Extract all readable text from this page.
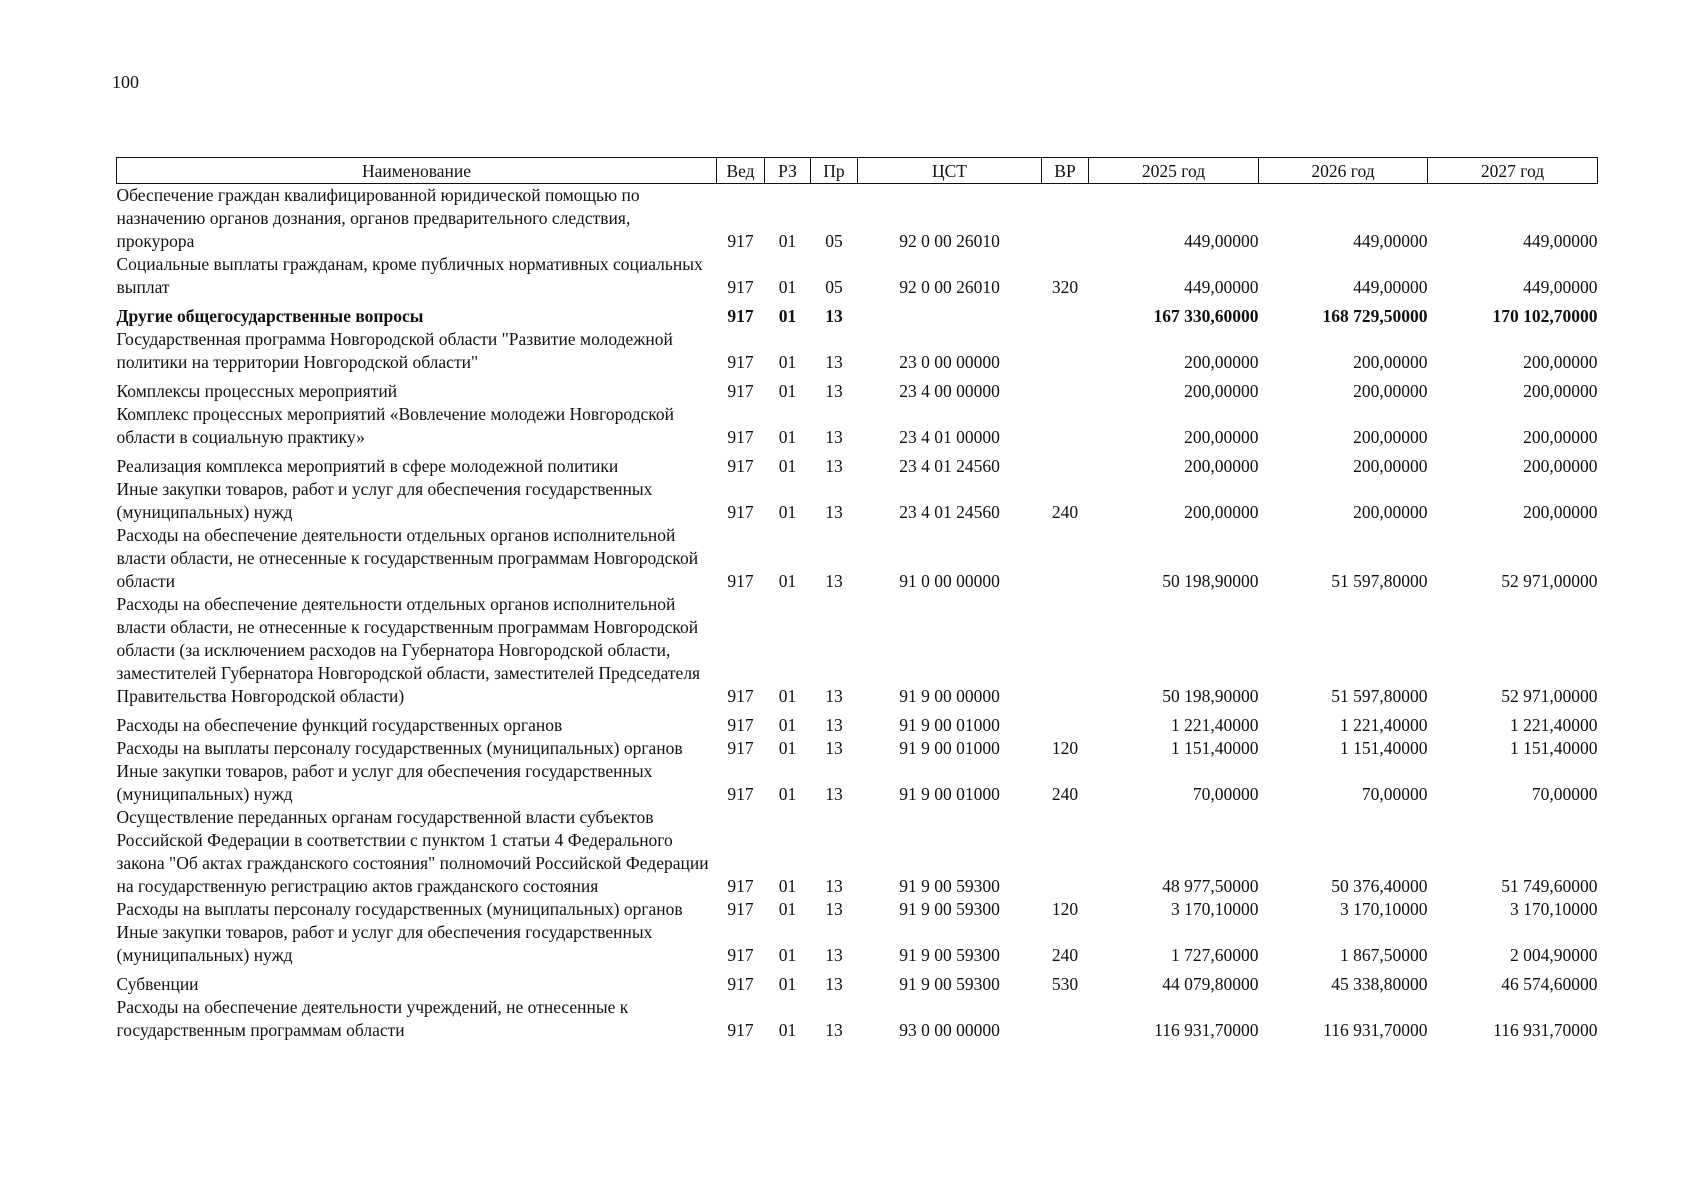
100
Наименование	Вед	РЗ	Пр	ЦСТ	ВР	2025 год	2026 год	2027 год
Обеспечение граждан квалифицированной юридической помощью по назначению органов дознания, органов предварительного следствия, прокурора	917	01	05	92 0 00 26010		449,00000	449,00000	449,00000
Социальные выплаты гражданам, кроме публичных нормативных социальных выплат	917	01	05	92 0 00 26010	320	449,00000	449,00000	449,00000
Другие общегосударственные вопросы	917	01	13			167 330,60000	168 729,50000	170 102,70000
Государственная программа Новгородской области "Развитие молодежной политики на территории Новгородской области"	917	01	13	23 0 00 00000		200,00000	200,00000	200,00000
Комплексы процессных мероприятий	917	01	13	23 4 00 00000		200,00000	200,00000	200,00000
Комплекс процессных мероприятий «Вовлечение молодежи Новгородской области в социальную практику»	917	01	13	23 4 01 00000		200,00000	200,00000	200,00000
Реализация комплекса мероприятий в сфере молодежной политики	917	01	13	23 4 01 24560		200,00000	200,00000	200,00000
Иные закупки товаров, работ и услуг для обеспечения государственных (муниципальных) нужд	917	01	13	23 4 01 24560	240	200,00000	200,00000	200,00000
Расходы на обеспечение деятельности отдельных органов исполнительной власти области, не отнесенные к государственным программам Новгородской области	917	01	13	91 0 00 00000		50 198,90000	51 597,80000	52 971,00000
Расходы на обеспечение деятельности отдельных органов исполнительной власти области, не отнесенные к государственным программам Новгородской области (за исключением расходов на Губернатора Новгородской области, заместителей Губернатора Новгородской области, заместителей Председателя Правительства Новгородской области)	917	01	13	91 9 00 00000		50 198,90000	51 597,80000	52 971,00000
Расходы на обеспечение функций государственных органов	917	01	13	91 9 00 01000		1 221,40000	1 221,40000	1 221,40000
Расходы на выплаты персоналу государственных (муниципальных) органов	917	01	13	91 9 00 01000	120	1 151,40000	1 151,40000	1 151,40000
Иные закупки товаров, работ и услуг для обеспечения государственных (муниципальных) нужд	917	01	13	91 9 00 01000	240	70,00000	70,00000	70,00000
Осуществление переданных органам государственной власти субъектов Российской Федерации в соответствии с пунктом 1 статьи 4 Федерального закона "Об актах гражданского состояния" полномочий Российской Федерации на государственную регистрацию актов гражданского состояния	917	01	13	91 9 00 59300		48 977,50000	50 376,40000	51 749,60000
Расходы на выплаты персоналу государственных (муниципальных) органов	917	01	13	91 9 00 59300	120	3 170,10000	3 170,10000	3 170,10000
Иные закупки товаров, работ и услуг для обеспечения государственных (муниципальных) нужд	917	01	13	91 9 00 59300	240	1 727,60000	1 867,50000	2 004,90000
Субвенции	917	01	13	91 9 00 59300	530	44 079,80000	45 338,80000	46 574,60000
Расходы на обеспечение деятельности учреждений, не отнесенные к государственным программам области	917	01	13	93 0 00 00000		116 931,70000	116 931,70000	116 931,70000
